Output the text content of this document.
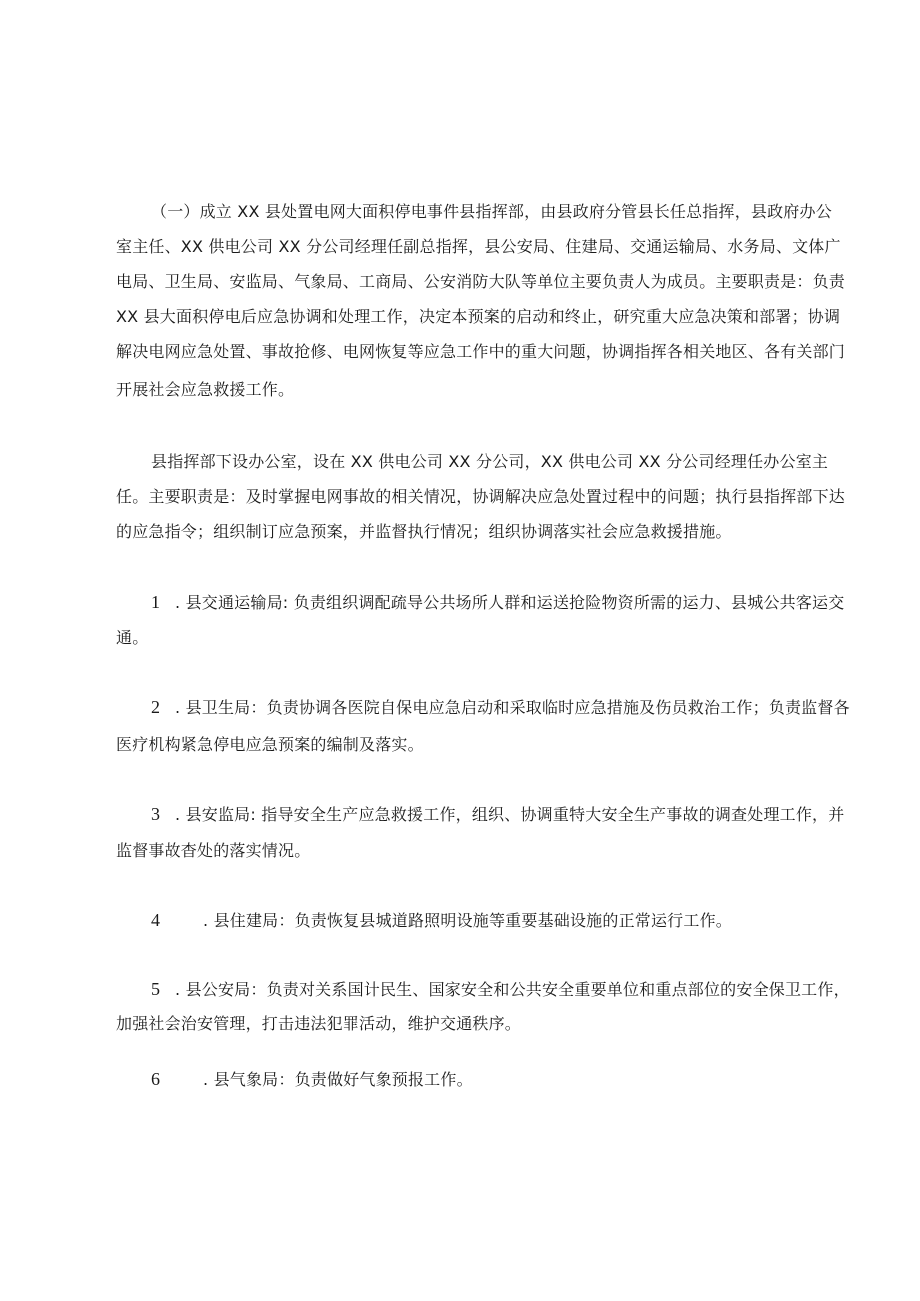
（一）成立 XX 县处置电网大面积停电事件县指挥部，由县政府分管县长任总指挥，县政府办公
室主任、XX 供电公司 XX 分公司经理任副总指挥，县公安局、住建局、交通运输局、水务局、文体广
电局、卫生局、安监局、气象局、工商局、公安消防大队等单位主要负责人为成员。主要职责是：负责
XX 县大面积停电后应急协调和处理工作，决定本预案的启动和终止，研究重大应急决策和部署；协调
解决电网应急处置、事故抢修、电网恢复等应急工作中的重大问题，协调指挥各相关地区、各有关部门
开展社会应急救援工作。
县指挥部下设办公室，设在 XX 供电公司 XX 分公司，XX 供电公司 XX 分公司经理任办公室主
任。主要职责是：及时掌握电网事故的相关情况，协调解决应急处置过程中的问题；执行县指挥部下达
的应急指令；组织制订应急预案，并监督执行情况；组织协调落实社会应急救援措施。
1 . 县交通运输局: 负责组织调配疏导公共场所人群和运送抢险物资所需的运力、县城公共客运交
通。
2 . 县卫生局：负责协调各医院自保电应急启动和采取临时应急措施及伤员救治工作；负责监督各
医疗机构紧急停电应急预案的编制及落实。
3 . 县安监局: 指导安全生产应急救援工作，组织、协调重特大安全生产事故的调查处理工作，并
监督事故杳处的落实情况。
4	. 县住建局：负责恢复县城道路照明设施等重要基础设施的正常运行工作。
5 . 县公安局：负责对关系国计民生、国家安全和公共安全重要单位和重点部位的安全保卫工作，
加强社会治安管理，打击违法犯罪活动，维护交通秩序。
6	. 县气象局：负责做好气象预报工作。
